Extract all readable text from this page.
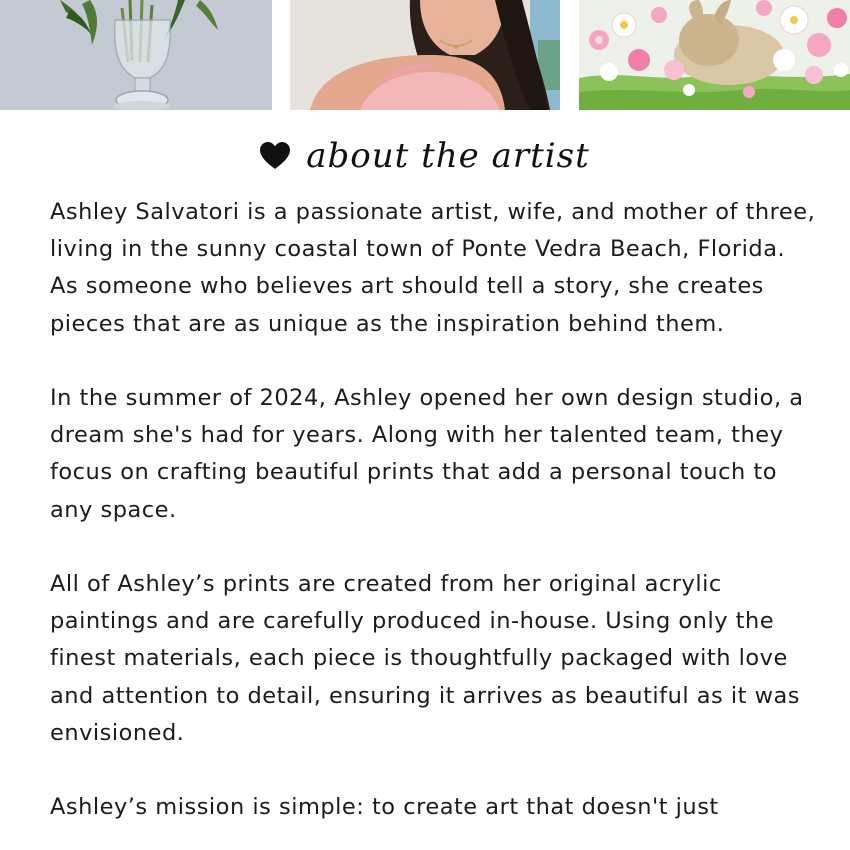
about the artist

Ashley Salvatori is a passionate artist, wife, and mother of three, living in the sunny coastal town of Ponte Vedra Beach, Florida. As someone who believes art should tell a story, she creates pieces that are as unique as the inspiration behind them.

In the summer of 2024, Ashley opened her own design studio, a dream she's had for years. Along with her talented team, they focus on crafting beautiful prints that add a personal touch to any space.

All of Ashley’s prints are created from her original acrylic paintings and are carefully produced in-house. Using only the finest materials, each piece is thoughtfully packaged with love and attention to detail, ensuring it arrives as beautiful as it was envisioned.

Ashley’s mission is simple: to create art that doesn't just
